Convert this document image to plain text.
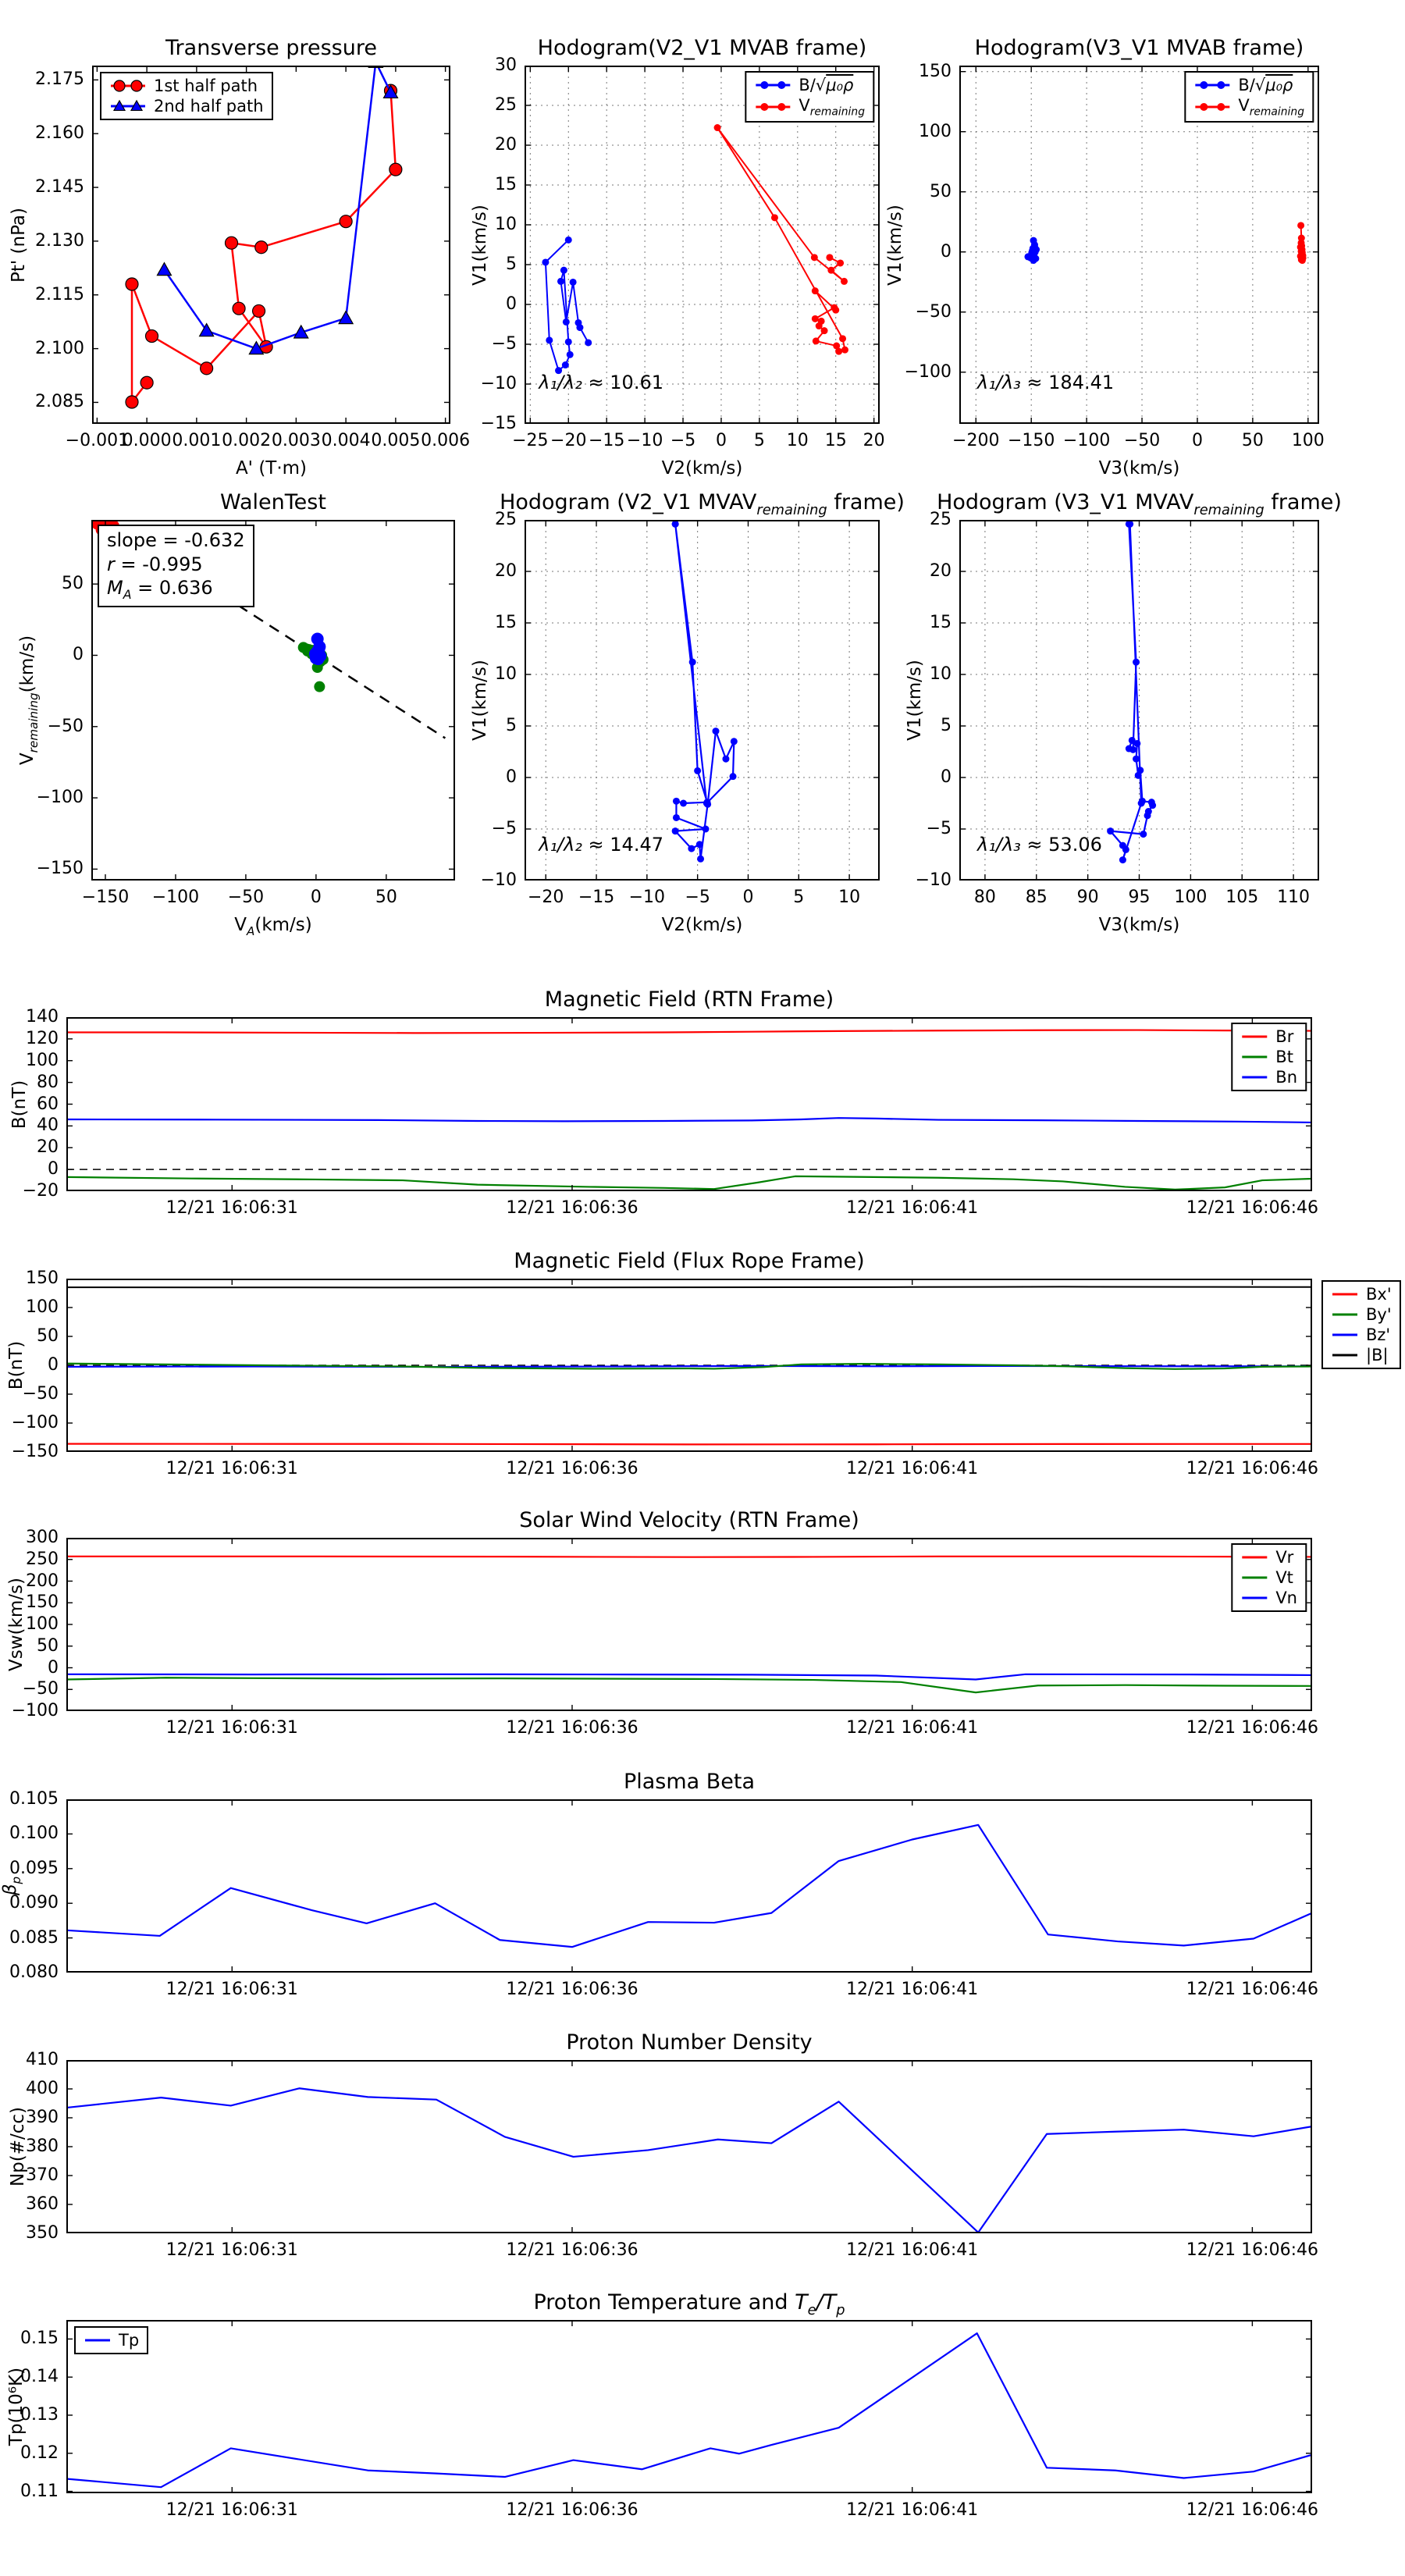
Transverse pressure
2.085
2.100
2.115
2.130
2.145
2.160
2.175
−0.001
0.000 0.001 0.002 0.003 0.004 0.005 0.006
A' (T·m)
Pt' (nPa)
1st half path
2nd half path
Hodogram(V2_V1 MVAB frame)
−15
−10
−5
0
5
10
15
20
25
30
−25 −20 −15 −10 −5	0	5	10 15 20
V2(km/s)
V1(km/s)
B/√μ₀ρ
$V_{remaining}$
λ₁/λ₂ ≈ 10.61
Hodogram(V3_V1 MVAB frame)
−100
−50
0
50
100
150
−200 −150 −100 −50	0	50	100
V3(km/s)
V1(km/s)
B/√μ₀ρ
$V_{remaining}$
λ₁/λ₃ ≈ 184.41
WalenTest
−150
−100
−50
0
50
−150	−100	−50	0	50
$V_A(km/s)$
$V_{remaining}(km/s)$
slope = -0.632
r = -0.995
$M_A = 0.636$
Hodogram (V2_V1 $MVAV_{remaining}$ frame)
−10
−5
0
5
10
15
20
25
−20 −15 −10	−5	0	5	10
V2(km/s)
V1(km/s)
λ₁/λ₂ ≈ 14.47
Hodogram (V3_V1 $MVAV_{remaining}$ frame)
−10
−5
0
5
10
15
20
25
80	85	90	95	100	105	110
V3(km/s)
V1(km/s)
λ₁/λ₃ ≈ 53.06
Magnetic Field (RTN Frame)
−20
0
20
40
60
80
100
120
140
12/21 16:06:31	12/21 16:06:36	12/21 16:06:41	12/21 16:06:46
B(nT)
Br
Bt
Bn
Magnetic Field (Flux Rope Frame)
−150
−100
−50
0
50
100
150
12/21 16:06:31	12/21 16:06:36	12/21 16:06:41	12/21 16:06:46
B(nT)
Bx'
By'
Bz'
|B|
Solar Wind Velocity (RTN Frame)
−100
−50
0
50
100
150
200
250
300
12/21 16:06:31	12/21 16:06:36	12/21 16:06:41	12/21 16:06:46
Vsw(km/s)
Vr
Vt
Vn
Plasma Beta
0.080
0.085
0.090
0.095
0.100
0.105
12/21 16:06:31	12/21 16:06:36	12/21 16:06:41	12/21 16:06:46
$\beta_p$
Proton Number Density
350
360
370
380
390
400
410
12/21 16:06:31	12/21 16:06:36	12/21 16:06:41	12/21 16:06:46
Np(#/cc)
Proton Temperature and $T_e/T_p$
0.11
0.12
0.13
0.14
0.15
12/21 16:06:31	12/21 16:06:36	12/21 16:06:41	12/21 16:06:46
Tp(10⁶K)
Tp
